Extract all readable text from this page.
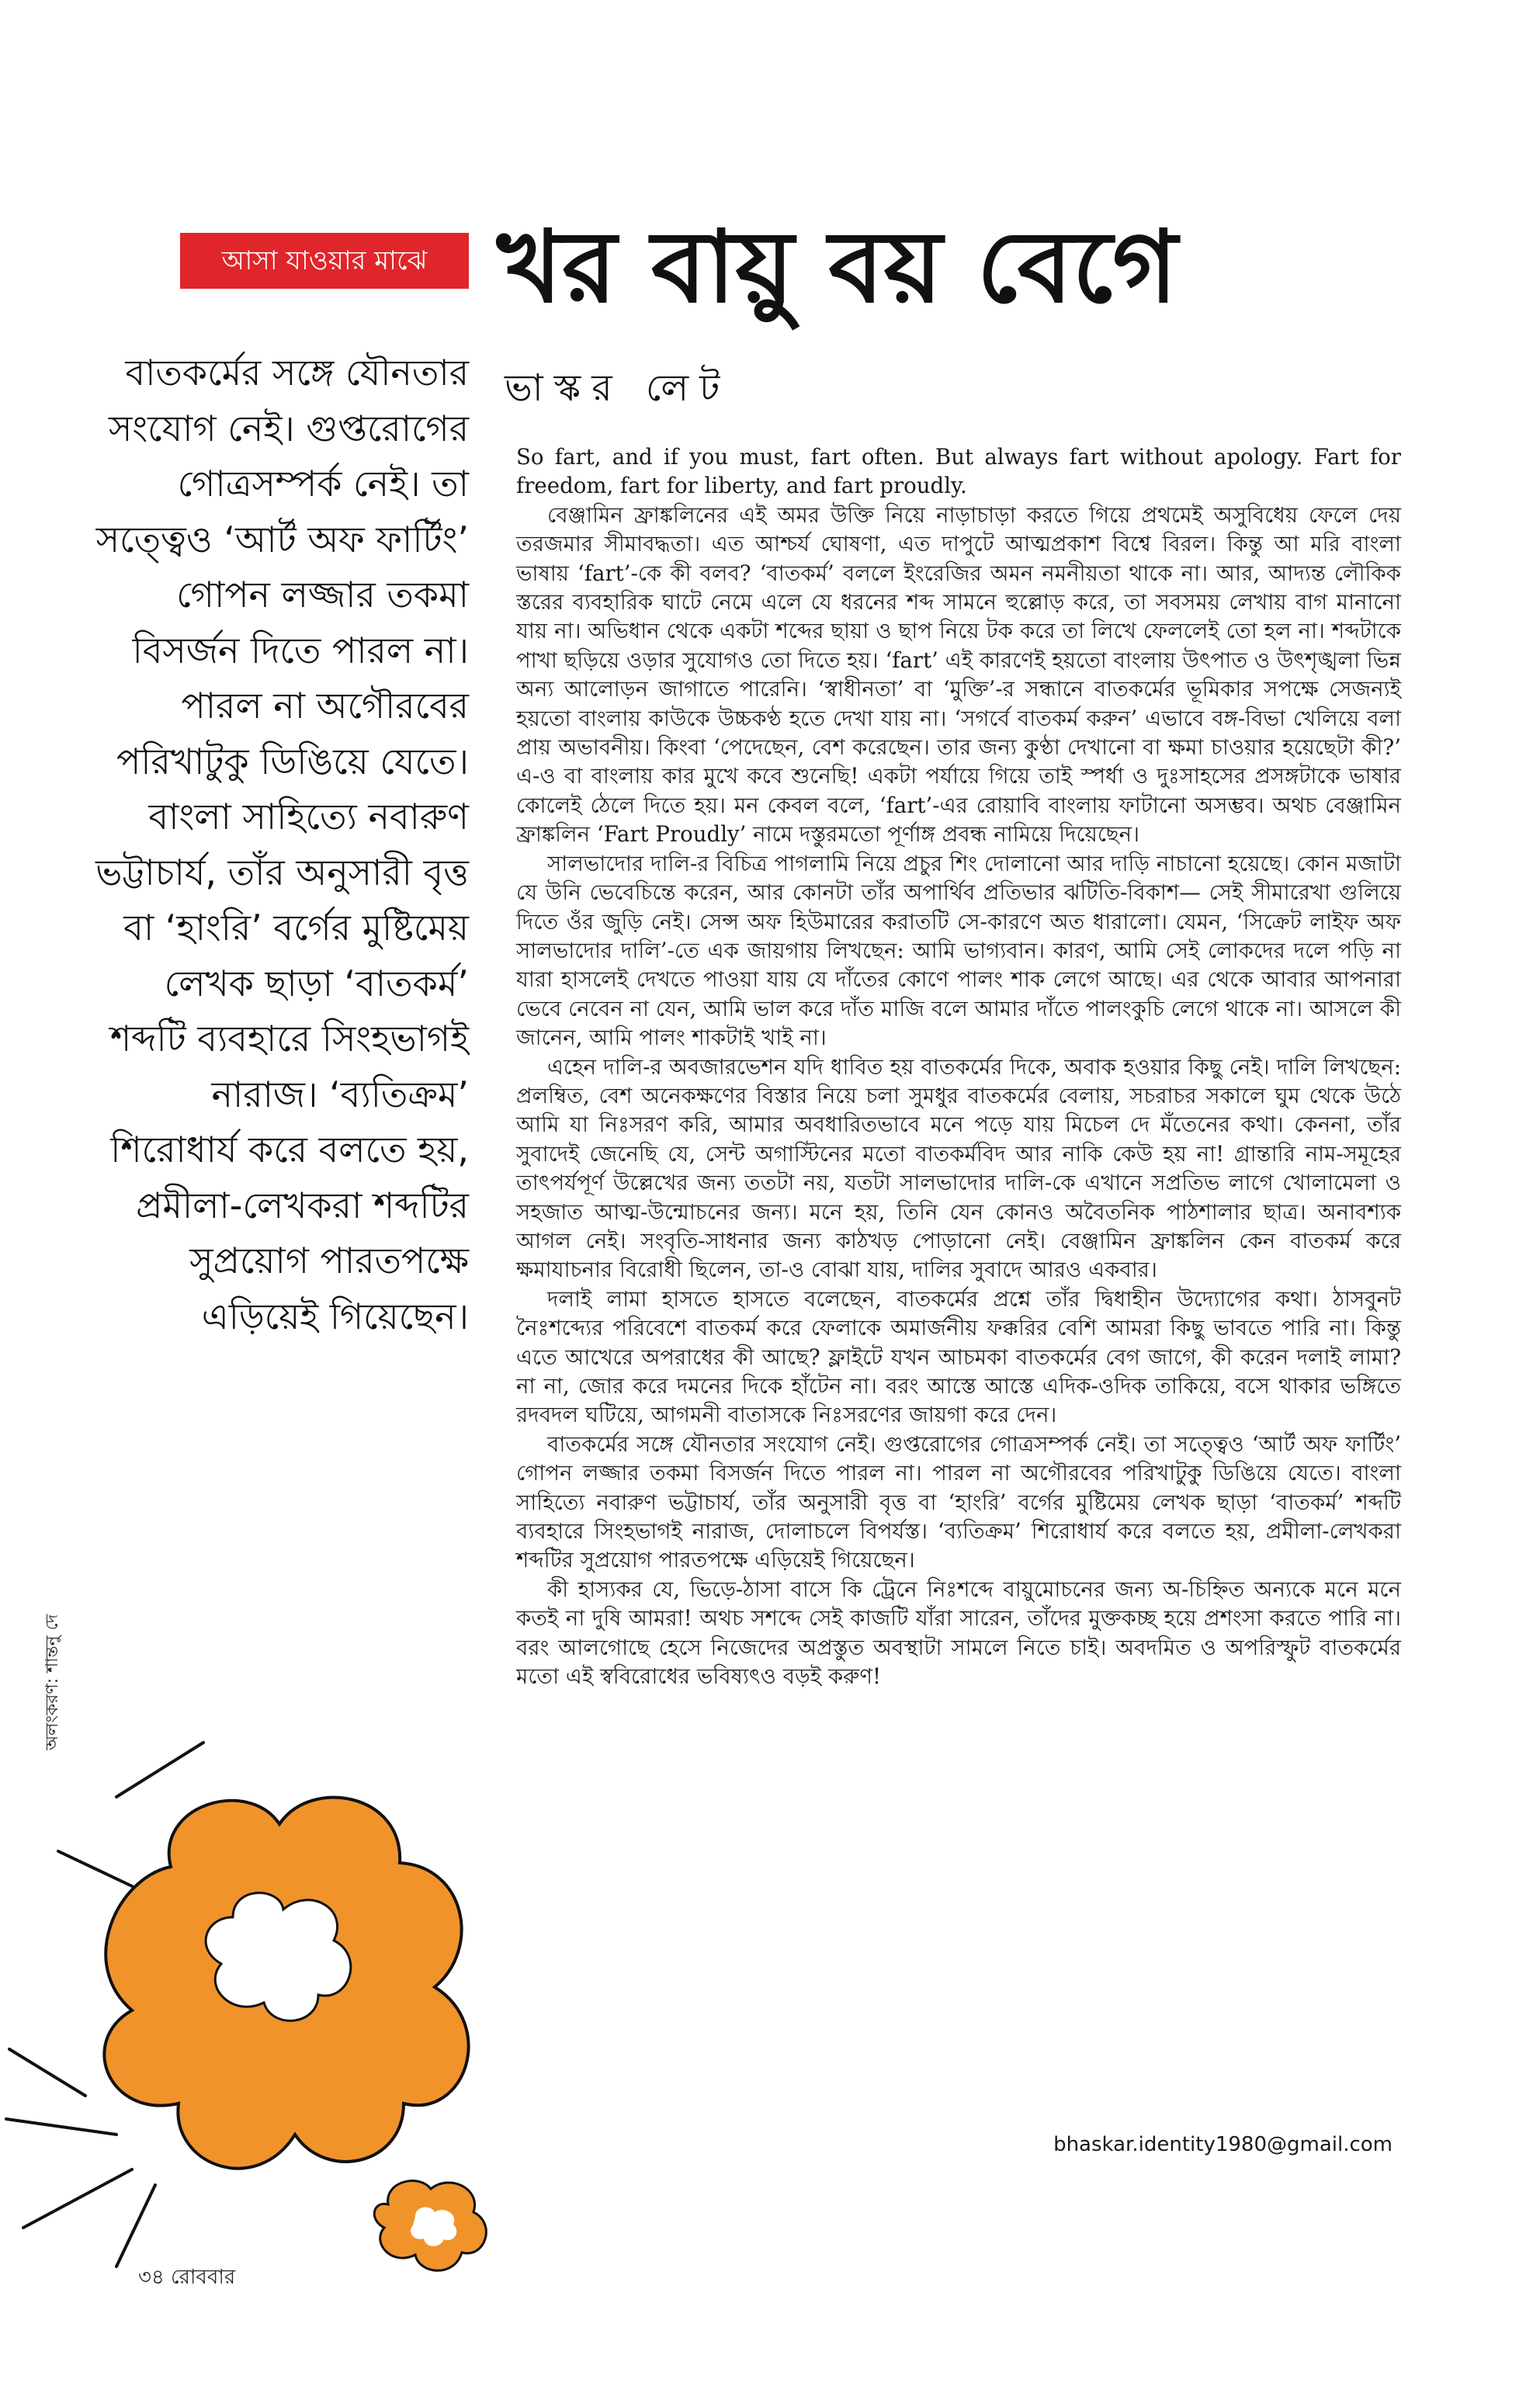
আসা যাওয়ার মাঝে খর বায়ু বয় বেগে
ভাস্কর লেট

বাতকর্মের সঙ্গে যৌনতার সংযোগ নেই। গুপ্তরোগের গোত্রসম্পর্ক নেই। তা সত্ত্বেও ‘আর্ট অফ ফার্টিং’ গোপন লজ্জার তকমা বিসর্জন দিতে পারল না। পারল না অগৌরবের পরিখাটুকু ডিঙিয়ে যেতে। বাংলা সাহিত্যে নবারুণ ভট্টাচার্য, তাঁর অনুসারী বৃত্ত বা ‘হাংরি’ বর্গের মুষ্টিমেয় লেখক ছাড়া ‘বাতকর্ম’ শব্দটি ব্যবহারে সিংহভাগই নারাজ। ‘ব্যতিক্রম’ শিরোধার্য করে বলতে হয়, প্রমীলা-লেখকরা শব্দটির সুপ্রয়োগ পারতপক্ষে এড়িয়েই গিয়েছেন।

অলংকরণ: শান্তনু দে

So fart, and if you must, fart often. But always fart without apology. Fart for freedom, fart for liberty, and fart proudly.

বেঞ্জামিন ফ্রাঙ্কলিনের এই অমর উক্তি নিয়ে নাড়াচাড়া করতে গিয়ে প্রথমেই অসুবিধেয় ফেলে দেয় তরজমার সীমাবদ্ধতা। এত আশ্চর্য ঘোষণা, এত দাপুটে আত্মপ্রকাশ বিশ্বে বিরল। কিন্তু আ মরি বাংলা ভাষায় ‘fart’-কে কী বলব? ‘বাতকর্ম’ বললে ইংরেজির অমন নমনীয়তা থাকে না। আর, আদ্যন্ত লৌকিক স্তরের ব্যবহারিক ঘাটে নেমে এলে যে ধরনের শব্দ সামনে হুল্লোড় করে, তা সবসময় লেখায় বাগ মানানো যায় না। অভিধান থেকে একটা শব্দের ছায়া ও ছাপ নিয়ে টক করে তা লিখে ফেললেই তো হল না। শব্দটাকে পাখা ছড়িয়ে ওড়ার সুযোগও তো দিতে হয়। ‘fart’ এই কারণেই হয়তো বাংলায় উৎপাত ও উৎশৃঙ্খলা ভিন্ন অন্য আলোড়ন জাগাতে পারেনি। ‘স্বাধীনতা’ বা ‘মুক্তি’-র সন্ধানে বাতকর্মের ভূমিকার সপক্ষে সেজন্যই হয়তো বাংলায় কাউকে উচ্চকণ্ঠ হতে দেখা যায় না। ‘সগর্বে বাতকর্ম করুন’ এভাবে বঙ্গ-বিভা খেলিয়ে বলা প্রায় অভাবনীয়। কিংবা ‘পেদেছেন, বেশ করেছেন। তার জন্য কুণ্ঠা দেখানো বা ক্ষমা চাওয়ার হয়েছেটা কী?’ এ-ও বা বাংলায় কার মুখে কবে শুনেছি! একটা পর্যায়ে গিয়ে তাই স্পর্ধা ও দুঃসাহসের প্রসঙ্গটাকে ভাষার কোলেই ঠেলে দিতে হয়। মন কেবল বলে, ‘fart’-এর রোয়াবি বাংলায় ফাটানো অসম্ভব। অথচ বেঞ্জামিন ফ্রাঙ্কলিন ‘Fart Proudly’ নামে দস্তুরমতো পূর্ণাঙ্গ প্রবন্ধ নামিয়ে দিয়েছেন।

সালভাদোর দালি-র বিচিত্র পাগলামি নিয়ে প্রচুর শিং দোলানো আর দাড়ি নাচানো হয়েছে। কোন মজাটা যে উনি ভেবেচিন্তে করেন, আর কোনটা তাঁর অপার্থিব প্রতিভার ঝটিতি-বিকাশ— সেই সীমারেখা গুলিয়ে দিতে ওঁর জুড়ি নেই। সেন্স অফ হিউমারের করাতটি সে-কারণে অত ধারালো। যেমন, ‘সিক্রেট লাইফ অফ সালভাদোর দালি’-তে এক জায়গায় লিখছেন: আমি ভাগ্যবান। কারণ, আমি সেই লোকদের দলে পড়ি না যারা হাসলেই দেখতে পাওয়া যায় যে দাঁতের কোণে পালং শাক লেগে আছে। এর থেকে আবার আপনারা ভেবে নেবেন না যেন, আমি ভাল করে দাঁত মাজি বলে আমার দাঁতে পালংকুচি লেগে থাকে না। আসলে কী জানেন, আমি পালং শাকটাই খাই না।

এহেন দালি-র অবজারভেশন যদি ধাবিত হয় বাতকর্মের দিকে, অবাক হওয়ার কিছু নেই। দালি লিখছেন: প্রলম্বিত, বেশ অনেকক্ষণের বিস্তার নিয়ে চলা সুমধুর বাতকর্মের বেলায়, সচরাচর সকালে ঘুম থেকে উঠে আমি যা নিঃসরণ করি, আমার অবধারিতভাবে মনে পড়ে যায় মিচেল দে মঁতেনের কথা। কেননা, তাঁর সুবাদেই জেনেছি যে, সেন্ট অগাস্টিনের মতো বাতকর্মবিদ আর নাকি কেউ হয় না! গ্রান্তারি নাম-সমূহের তাৎপর্যপূর্ণ উল্লেখের জন্য ততটা নয়, যতটা সালভাদোর দালি-কে এখানে সপ্রতিভ লাগে খোলামেলা ও সহজাত আত্ম-উন্মোচনের জন্য। মনে হয়, তিনি যেন কোনও অবৈতনিক পাঠশালার ছাত্র। অনাবশ্যক আগল নেই। সংবৃতি-সাধনার জন্য কাঠখড় পোড়ানো নেই। বেঞ্জামিন ফ্রাঙ্কলিন কেন বাতকর্ম করে ক্ষমাযাচনার বিরোধী ছিলেন, তা-ও বোঝা যায়, দালির সুবাদে আরও একবার।

দলাই লামা হাসতে হাসতে বলেছেন, বাতকর্মের প্রশ্নে তাঁর দ্বিধাহীন উদ্যোগের কথা। ঠাসবুনট নৈঃশব্দ্যের পরিবেশে বাতকর্ম করে ফেলাকে অমার্জনীয় ফক্করির বেশি আমরা কিছু ভাবতে পারি না। কিন্তু এতে আখেরে অপরাধের কী আছে? ফ্লাইটে যখন আচমকা বাতকর্মের বেগ জাগে, কী করেন দলাই লামা? না না, জোর করে দমনের দিকে হাঁটেন না। বরং আস্তে আস্তে এদিক-ওদিক তাকিয়ে, বসে থাকার ভঙ্গিতে রদবদল ঘটিয়ে, আগমনী বাতাসকে নিঃসরণের জায়গা করে দেন।

বাতকর্মের সঙ্গে যৌনতার সংযোগ নেই। গুপ্তরোগের গোত্রসম্পর্ক নেই। তা সত্ত্বেও ‘আর্ট অফ ফার্টিং’ গোপন লজ্জার তকমা বিসর্জন দিতে পারল না। পারল না অগৌরবের পরিখাটুকু ডিঙিয়ে যেতে। বাংলা সাহিত্যে নবারুণ ভট্টাচার্য, তাঁর অনুসারী বৃত্ত বা ‘হাংরি’ বর্গের মুষ্টিমেয় লেখক ছাড়া ‘বাতকর্ম’ শব্দটি ব্যবহারে সিংহভাগই নারাজ, দোলাচলে বিপর্যস্ত। ‘ব্যতিক্রম’ শিরোধার্য করে বলতে হয়, প্রমীলা-লেখকরা শব্দটির সুপ্রয়োগ পারতপক্ষে এড়িয়েই গিয়েছেন।

কী হাস্যকর যে, ভিড়ে-ঠাসা বাসে কি ট্রেনে নিঃশব্দে বায়ুমোচনের জন্য অ-চিহ্নিত অন্যকে মনে মনে কতই না দুষি আমরা! অথচ সশব্দে সেই কাজটি যাঁরা সারেন, তাঁদের মুক্তকচ্ছ হয়ে প্রশংসা করতে পারি না। বরং আলগোছে হেসে নিজেদের অপ্রস্তুত অবস্থাটা সামলে নিতে চাই। অবদমিত ও অপরিস্ফুট বাতকর্মের মতো এই স্ববিরোধের ভবিষ্যৎও বড়ই করুণ!

bhaskar.identity1980@gmail.com
৩৪ রোববার
